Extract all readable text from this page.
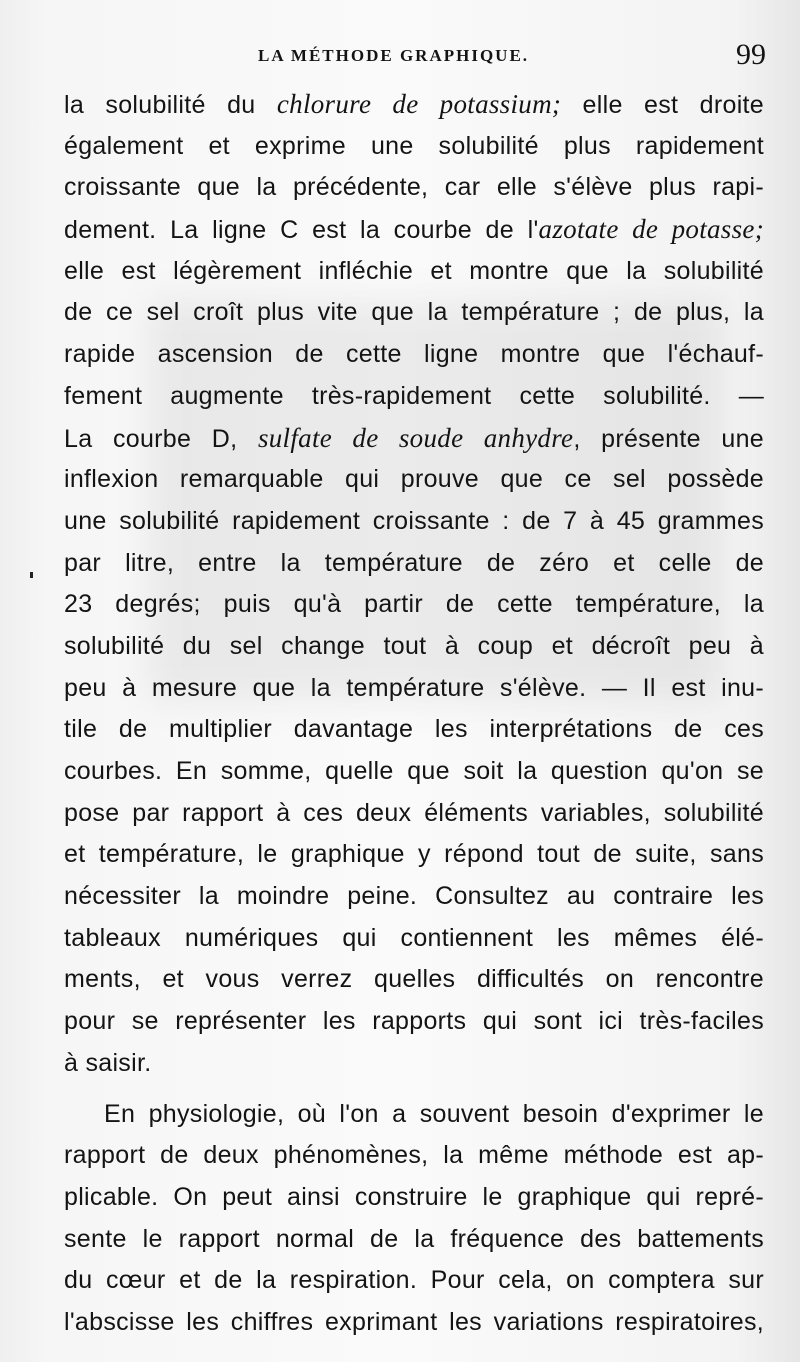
LA MÉTHODE GRAPHIQUE.	99
la solubilité du chlorure de potassium; elle est droite
également et exprime une solubilité plus rapidement
croissante que la précédente, car elle s'élève plus rapi-
dement. La ligne C est la courbe de l'azotate de potasse;
elle est légèrement infléchie et montre que la solubilité
de ce sel croît plus vite que la température ; de plus, la
rapide ascension de cette ligne montre que l'échauf-
fement augmente très-rapidement cette solubilité. —
La courbe D, sulfate de soude anhydre, présente une
inflexion remarquable qui prouve que ce sel possède
une solubilité rapidement croissante : de 7 à 45 grammes
par litre, entre la température de zéro et celle de
23 degrés; puis qu'à partir de cette température, la
solubilité du sel change tout à coup et décroît peu à
peu à mesure que la température s'élève. — Il est inu-
tile de multiplier davantage les interprétations de ces
courbes. En somme, quelle que soit la question qu'on se
pose par rapport à ces deux éléments variables, solubilité
et température, le graphique y répond tout de suite, sans
nécessiter la moindre peine. Consultez au contraire les
tableaux numériques qui contiennent les mêmes élé-
ments, et vous verrez quelles difficultés on rencontre
pour se représenter les rapports qui sont ici très-faciles
à saisir.
En physiologie, où l'on a souvent besoin d'exprimer le
rapport de deux phénomènes, la même méthode est ap-
plicable. On peut ainsi construire le graphique qui repré-
sente le rapport normal de la fréquence des battements
du cœur et de la respiration. Pour cela, on comptera sur
l'abscisse les chiffres exprimant les variations respiratoires,
